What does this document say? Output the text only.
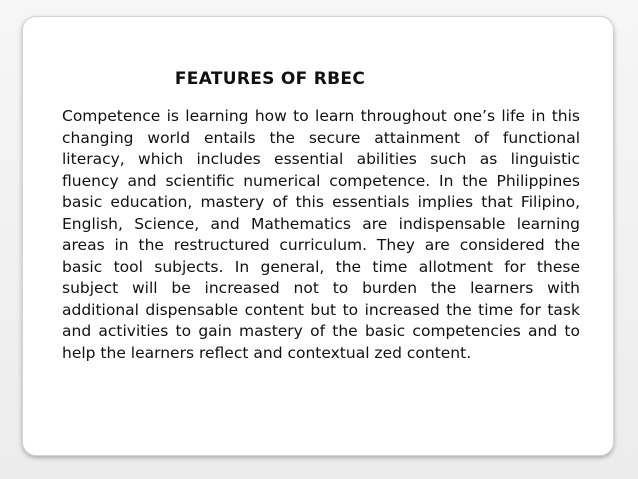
FEATURES OF RBEC

Competence is learning how to learn throughout one’s life in this changing world entails the secure attainment of functional literacy, which includes essential abilities such as linguistic fluency and scientific numerical competence. In the Philippines basic education, mastery of this essentials implies that Filipino, English, Science, and Mathematics are indispensable learning areas in the restructured curriculum. They are considered the basic tool subjects. In general, the time allotment for these subject will be increased not to burden the learners with additional dispensable content but to increased the time for task and activities to gain mastery of the basic competencies and to help the learners reflect and contextual zed content.
